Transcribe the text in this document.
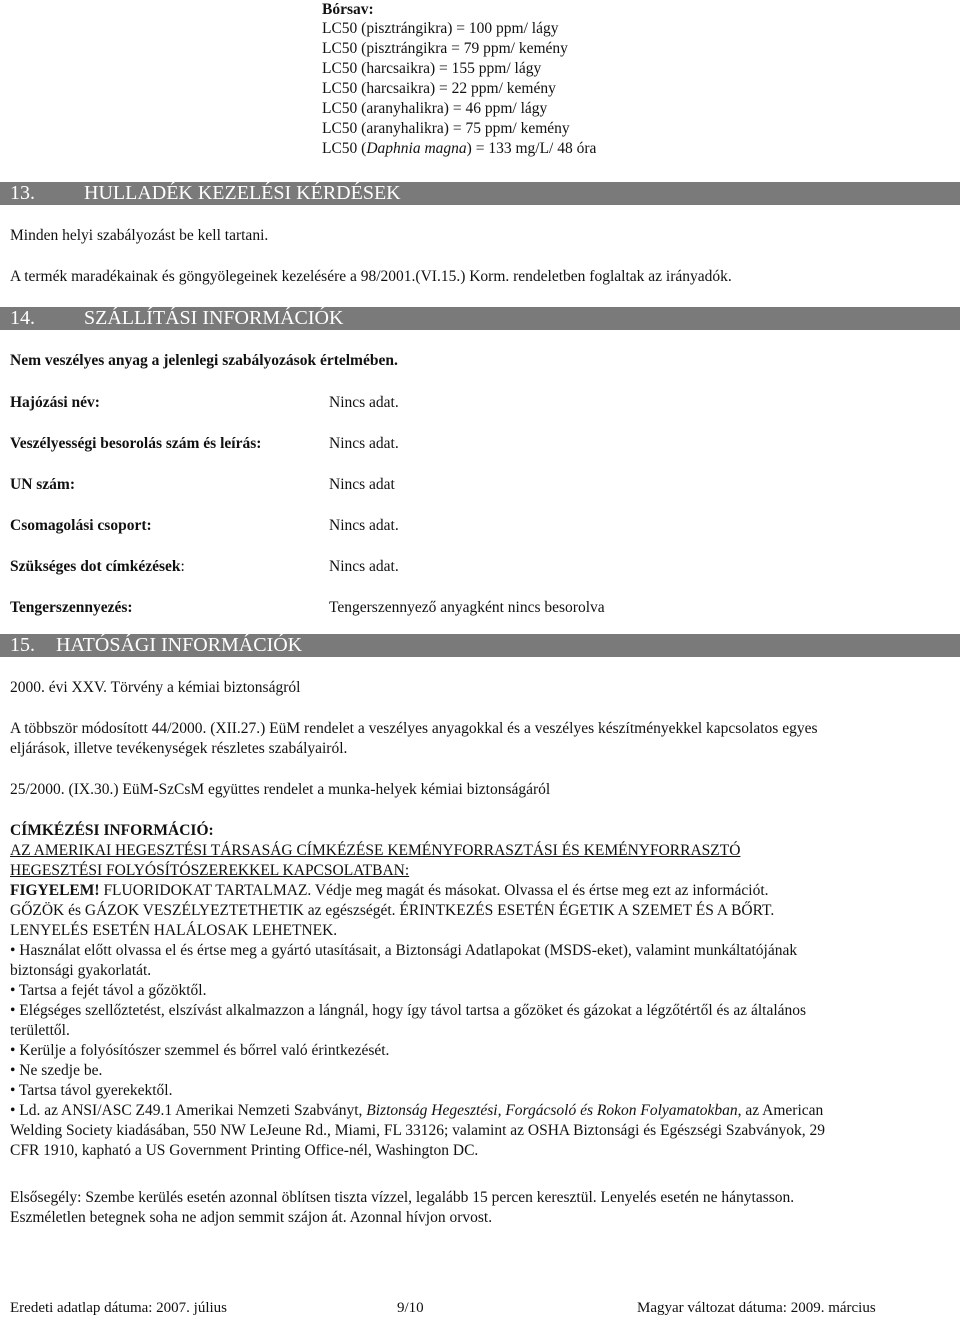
Bórsav:
LC50 (pisztrángikra) = 100 ppm/ lágy
LC50 (pisztrángikra = 79 ppm/ kemény
LC50 (harcsaikra) = 155 ppm/ lágy
LC50 (harcsaikra) = 22 ppm/ kemény
LC50 (aranyhalikra) = 46 ppm/ lágy
LC50 (aranyhalikra) = 75 ppm/ kemény
LC50 (Daphnia magna) = 133 mg/L/ 48 óra
13. HULLADÉK KEZELÉSI KÉRDÉSEK
Minden helyi szabályozást be kell tartani.
A termék maradékainak és göngyölegeinek kezelésére a 98/2001.(VI.15.) Korm. rendeletben foglaltak az irányadók.
14. SZÁLLÍTÁSI INFORMÁCIÓK
Nem veszélyes anyag a jelenlegi szabályozások értelmében.
Hajózási név:	Nincs adat.
Veszélyességi besorolás szám és leírás:	Nincs adat.
UN szám:	Nincs adat
Csomagolási csoport:	Nincs adat.
Szükséges dot címkézések:	Nincs adat.
Tengerszennyezés:	Tengerszennyező anyagként nincs besorolva
15. HATÓSÁGI INFORMÁCIÓK
2000. évi XXV. Törvény a kémiai biztonságról
A többször módosított 44/2000. (XII.27.) EüM rendelet a veszélyes anyagokkal és a veszélyes készítményekkel kapcsolatos egyes
eljárások, illetve tevékenységek részletes szabályairól.
25/2000. (IX.30.) EüM-SzCsM együttes rendelet a munka-helyek kémiai biztonságáról
CÍMKÉZÉSI INFORMÁCIÓ:
AZ AMERIKAI HEGESZTÉSI TÁRSASÁG CÍMKÉZÉSE KEMÉNYFORRASZTÁSI ÉS KEMÉNYFORRASZTÓ
HEGESZTÉSI FOLYÓSÍTÓSZEREKKEL KAPCSOLATBAN:
FIGYELEM! FLUORIDOKAT TARTALMAZ. Védje meg magát és másokat. Olvassa el és értse meg ezt az információt.
GŐZÖK és GÁZOK VESZÉLYEZTETHETIK az egészségét. ÉRINTKEZÉS ESETÉN ÉGETIK A SZEMET ÉS A BŐRT.
LENYELÉS ESETÉN HALÁLOSAK LEHETNEK.
• Használat előtt olvassa el és értse meg a gyártó utasításait, a Biztonsági Adatlapokat (MSDS-eket), valamint munkáltatójának
biztonsági gyakorlatát.
• Tartsa a fejét távol a gőzöktől.
• Elégséges szellőztetést, elszívást alkalmazzon a lángnál, hogy így távol tartsa a gőzöket és gázokat a légzőtértől és az általános
területtől.
• Kerülje a folyósítószer szemmel és bőrrel való érintkezését.
• Ne szedje be.
• Tartsa távol gyerekektől.
• Ld. az ANSI/ASC Z49.1 Amerikai Nemzeti Szabványt, Biztonság Hegesztési, Forgácsoló és Rokon Folyamatokban, az American
Welding Society kiadásában, 550 NW LeJeune Rd., Miami, FL 33126; valamint az OSHA Biztonsági és Egészségi Szabványok, 29
CFR 1910, kapható a US Government Printing Office-nél, Washington DC.
Elsősegély: Szembe kerülés esetén azonnal öblítsen tiszta vízzel, legalább 15 percen keresztül. Lenyelés esetén ne hánytasson.
Eszméletlen betegnek soha ne adjon semmit szájon át. Azonnal hívjon orvost.
Eredeti adatlap dátuma: 2007. július	9/10	Magyar változat dátuma: 2009. március
